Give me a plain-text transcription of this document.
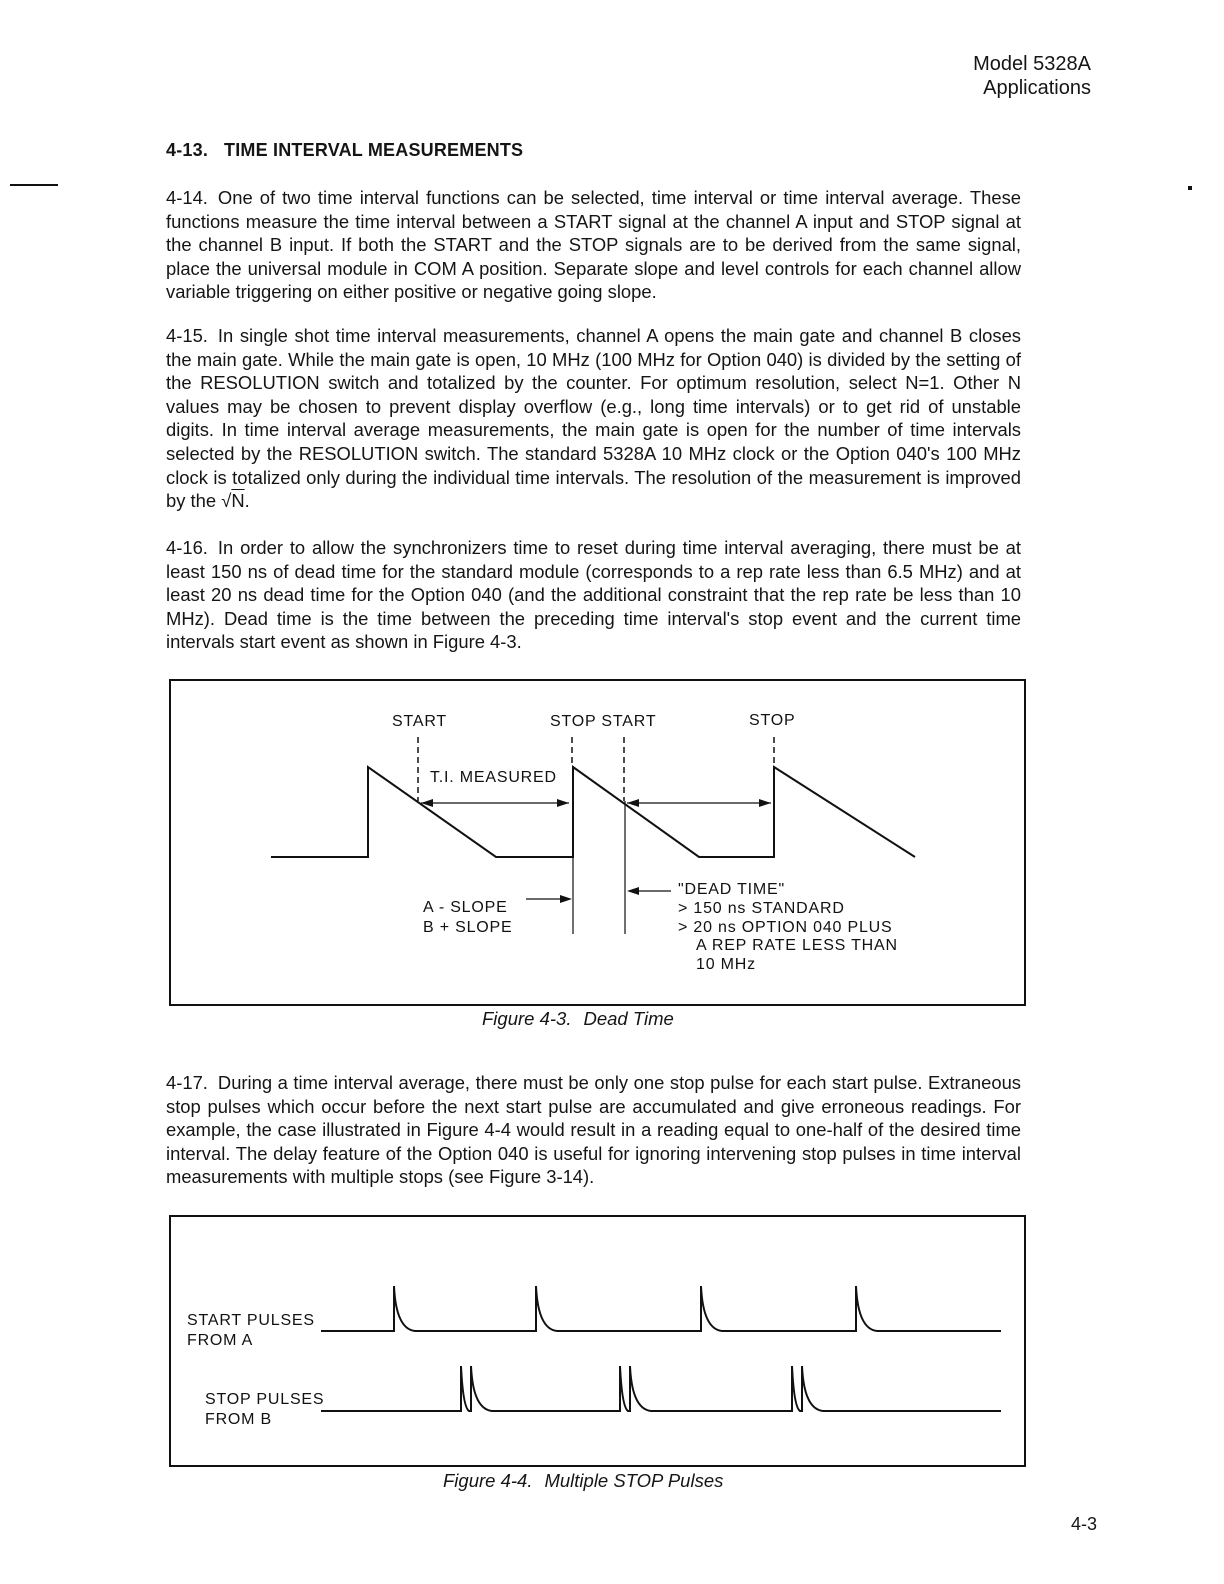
Model 5328A
Applications
4-13. TIME INTERVAL MEASUREMENTS
4-14. One of two time interval functions can be selected, time interval or time interval average. These functions measure the time interval between a START signal at the channel A input and STOP signal at the channel B input. If both the START and the STOP signals are to be derived from the same signal, place the universal module in COM A position. Separate slope and level controls for each channel allow variable triggering on either positive or negative going slope.
4-15. In single shot time interval measurements, channel A opens the main gate and channel B closes the main gate. While the main gate is open, 10 MHz (100 MHz for Option 040) is divided by the setting of the RESOLUTION switch and totalized by the counter. For optimum resolution, select N=1. Other N values may be chosen to prevent display overflow (e.g., long time intervals) or to get rid of unstable digits. In time interval average measurements, the main gate is open for the number of time intervals selected by the RESOLUTION switch. The standard 5328A 10 MHz clock or the Option 040's 100 MHz clock is totalized only during the individual time intervals. The resolution of the measurement is improved by the √N.
4-16. In order to allow the synchronizers time to reset during time interval averaging, there must be at least 150 ns of dead time for the standard module (corresponds to a rep rate less than 6.5 MHz) and at least 20 ns dead time for the Option 040 (and the additional constraint that the rep rate be less than 10 MHz). Dead time is the time between the preceding time interval's stop event and the current time intervals start event as shown in Figure 4-3.
START	STOP START	STOP
T.I. MEASURED
A - SLOPE
B + SLOPE
"DEAD TIME"
> 150 ns STANDARD
> 20 ns OPTION 040 PLUS
A REP RATE LESS THAN
10 MHz
Figure 4-3. Dead Time
4-17. During a time interval average, there must be only one stop pulse for each start pulse. Extraneous stop pulses which occur before the next start pulse are accumulated and give erroneous readings. For example, the case illustrated in Figure 4-4 would result in a reading equal to one-half of the desired time interval. The delay feature of the Option 040 is useful for ignoring intervening stop pulses in time interval measurements with multiple stops (see Figure 3-14).
START PULSES
FROM A
STOP PULSES
FROM B
Figure 4-4. Multiple STOP Pulses
4-3
